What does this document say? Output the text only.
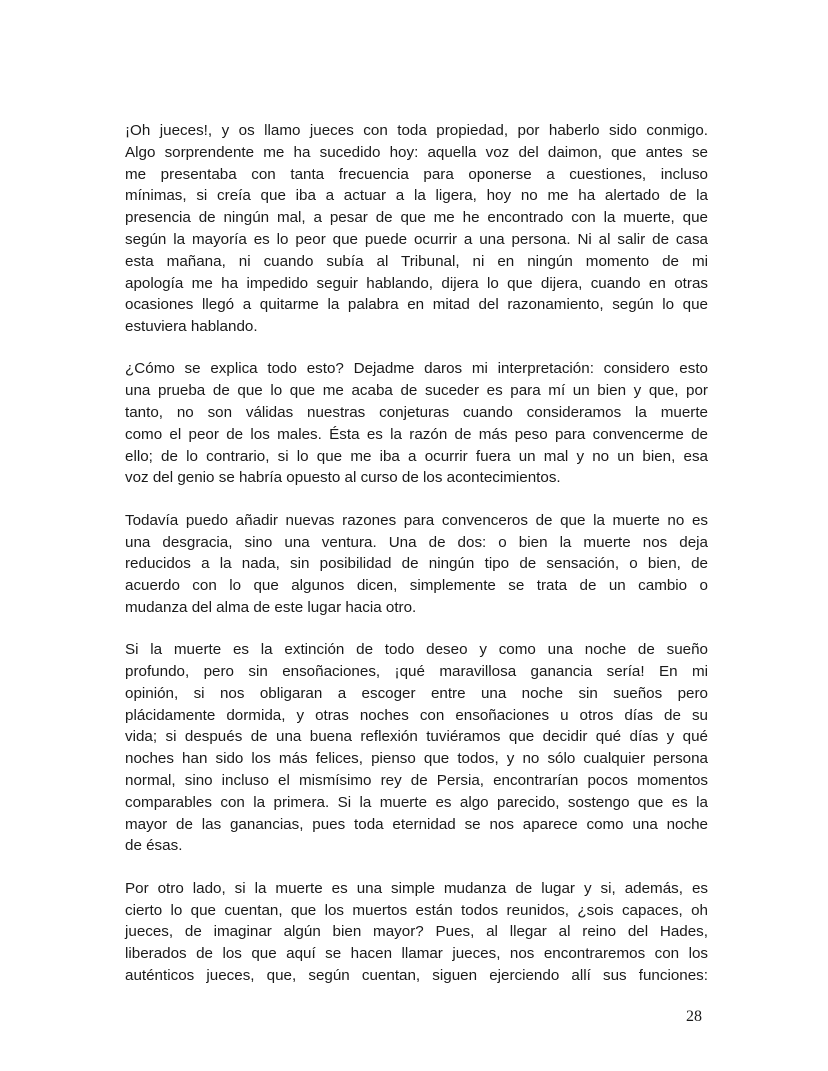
¡Oh jueces!, y os llamo jueces con toda propiedad, por haberlo sido conmigo.
Algo sorprendente me ha sucedido hoy: aquella voz del daimon, que antes se
me presentaba con tanta frecuencia para oponerse a cuestiones, incluso
mínimas, si creía que iba a actuar a la ligera, hoy no me ha alertado de la
presencia de ningún mal, a pesar de que me he encontrado con la muerte, que
según la mayoría es lo peor que puede ocurrir a una persona. Ni al salir de casa
esta mañana, ni cuando subía al Tribunal, ni en ningún momento de mi
apología me ha impedido seguir hablando, dijera lo que dijera, cuando en otras
ocasiones llegó a quitarme la palabra en mitad del razonamiento, según lo que
estuviera hablando.
¿Cómo se explica todo esto? Dejadme daros mi interpretación: considero esto
una prueba de que lo que me acaba de suceder es para mí un bien y que, por
tanto, no son válidas nuestras conjeturas cuando consideramos la muerte
como el peor de los males. Ésta es la razón de más peso para convencerme de
ello; de lo contrario, si lo que me iba a ocurrir fuera un mal y no un bien, esa
voz del genio se habría opuesto al curso de los acontecimientos.
Todavía puedo añadir nuevas razones para convenceros de que la muerte no es
una desgracia, sino una ventura. Una de dos: o bien la muerte nos deja
reducidos a la nada, sin posibilidad de ningún tipo de sensación, o bien, de
acuerdo con lo que algunos dicen, simplemente se trata de un cambio o
mudanza del alma de este lugar hacia otro.
Si la muerte es la extinción de todo deseo y como una noche de sueño
profundo, pero sin ensoñaciones, ¡qué maravillosa ganancia sería! En mi
opinión, si nos obligaran a escoger entre una noche sin sueños pero
plácidamente dormida, y otras noches con ensoñaciones u otros días de su
vida; si después de una buena reflexión tuviéramos que decidir qué días y qué
noches han sido los más felices, pienso que todos, y no sólo cualquier persona
normal, sino incluso el mismísimo rey de Persia, encontrarían pocos momentos
comparables con la primera. Si la muerte es algo parecido, sostengo que es la
mayor de las ganancias, pues toda eternidad se nos aparece como una noche
de ésas.
Por otro lado, si la muerte es una simple mudanza de lugar y si, además, es
cierto lo que cuentan, que los muertos están todos reunidos, ¿sois capaces, oh
jueces, de imaginar algún bien mayor? Pues, al llegar al reino del Hades,
liberados de los que aquí se hacen llamar jueces, nos encontraremos con los
auténticos jueces, que, según cuentan, siguen ejerciendo allí sus funciones:
28
